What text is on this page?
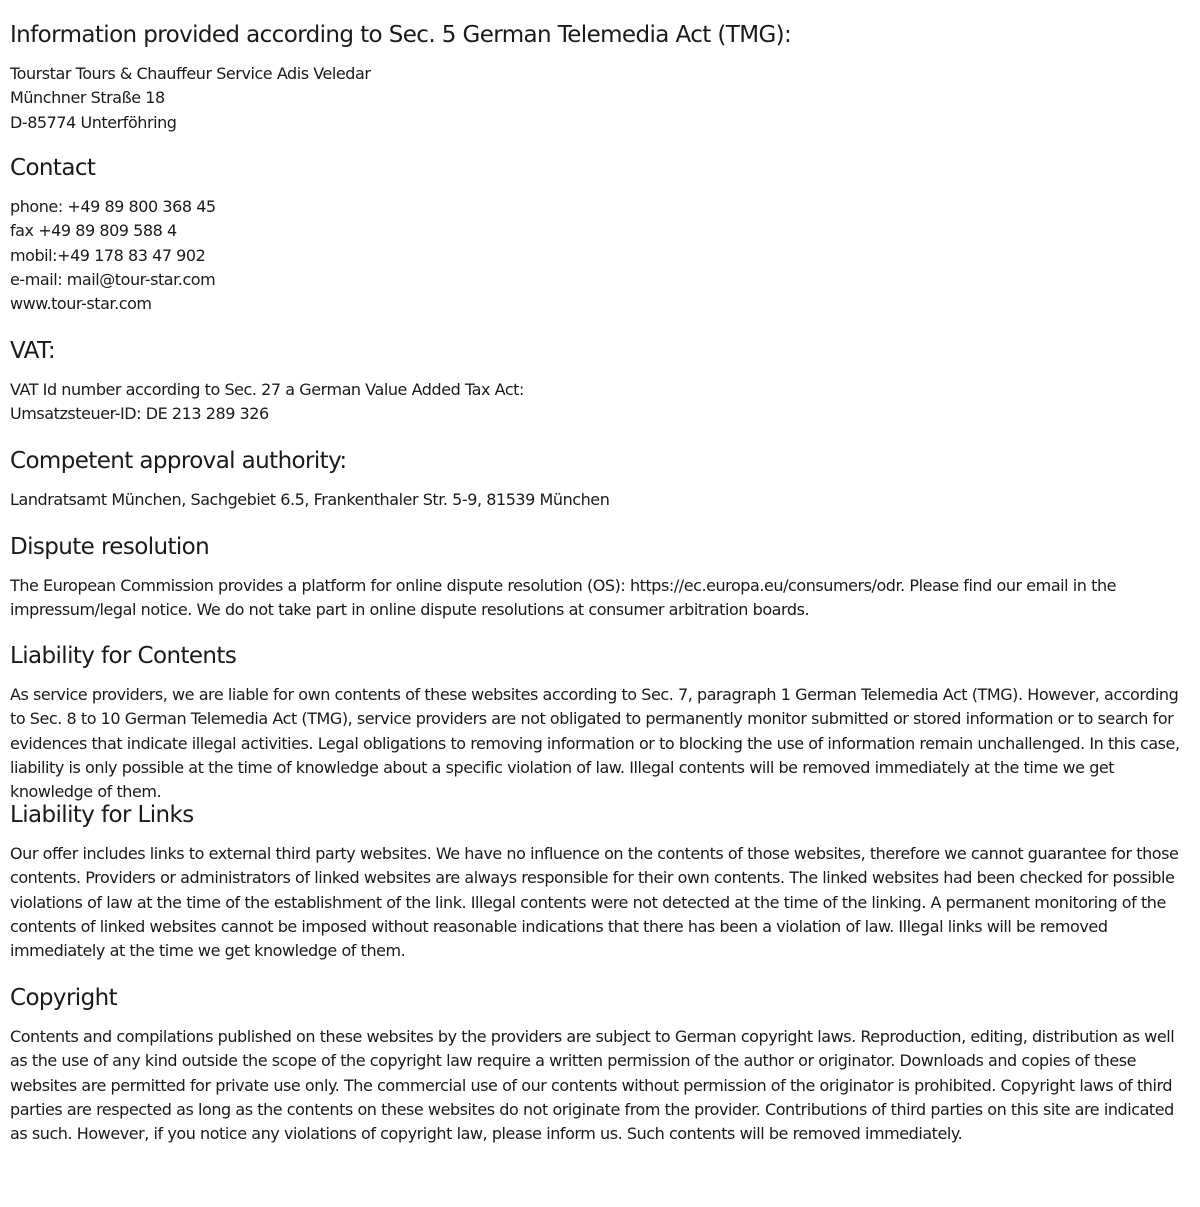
Information provided according to Sec. 5 German Telemedia Act (TMG):
Tourstar Tours & Chauffeur Service Adis Veledar
Münchner Straße 18
D-85774 Unterföhring
Contact
phone: +49 89 800 368 45
fax +49 89 809 588 4
mobil:+49 178 83 47 902
e-mail: mail@tour-star.com
www.tour-star.com
VAT:
VAT Id number according to Sec. 27 a German Value Added Tax Act:
Umsatzsteuer-ID: DE 213 289 326
Competent approval authority:
Landratsamt München, Sachgebiet 6.5, Frankenthaler Str. 5-9, 81539 München
Dispute resolution

The European Commission provides a platform for online dispute resolution (OS): https://ec.europa.eu/consumers/odr. Please find our email in the impressum/legal notice. We do not take part in online dispute resolutions at consumer arbitration boards.

Liability for Contents

As service providers, we are liable for own contents of these websites according to Sec. 7, paragraph 1 German Telemedia Act (TMG). However, according to Sec. 8 to 10 German Telemedia Act (TMG), service providers are not obligated to permanently monitor submitted or stored information or to search for evidences that indicate illegal activities. Legal obligations to removing information or to blocking the use of information remain unchallenged. In this case, liability is only possible at the time of knowledge about a specific violation of law. Illegal contents will be removed immediately at the time we get knowledge of them.

Liability for Links

Our offer includes links to external third party websites. We have no influence on the contents of those websites, therefore we cannot guarantee for those contents. Providers or administrators of linked websites are always responsible for their own contents. The linked websites had been checked for possible violations of law at the time of the establishment of the link. Illegal contents were not detected at the time of the linking. A permanent monitoring of the contents of linked websites cannot be imposed without reasonable indications that there has been a violation of law. Illegal links will be removed immediately at the time we get knowledge of them.

Copyright

Contents and compilations published on these websites by the providers are subject to German copyright laws. Reproduction, editing, distribution as well as the use of any kind outside the scope of the copyright law require a written permission of the author or originator. Downloads and copies of these websites are permitted for private use only. The commercial use of our contents without permission of the originator is prohibited. Copyright laws of third parties are respected as long as the contents on these websites do not originate from the provider. Contributions of third parties on this site are indicated as such. However, if you notice any violations of copyright law, please inform us. Such contents will be removed immediately.
